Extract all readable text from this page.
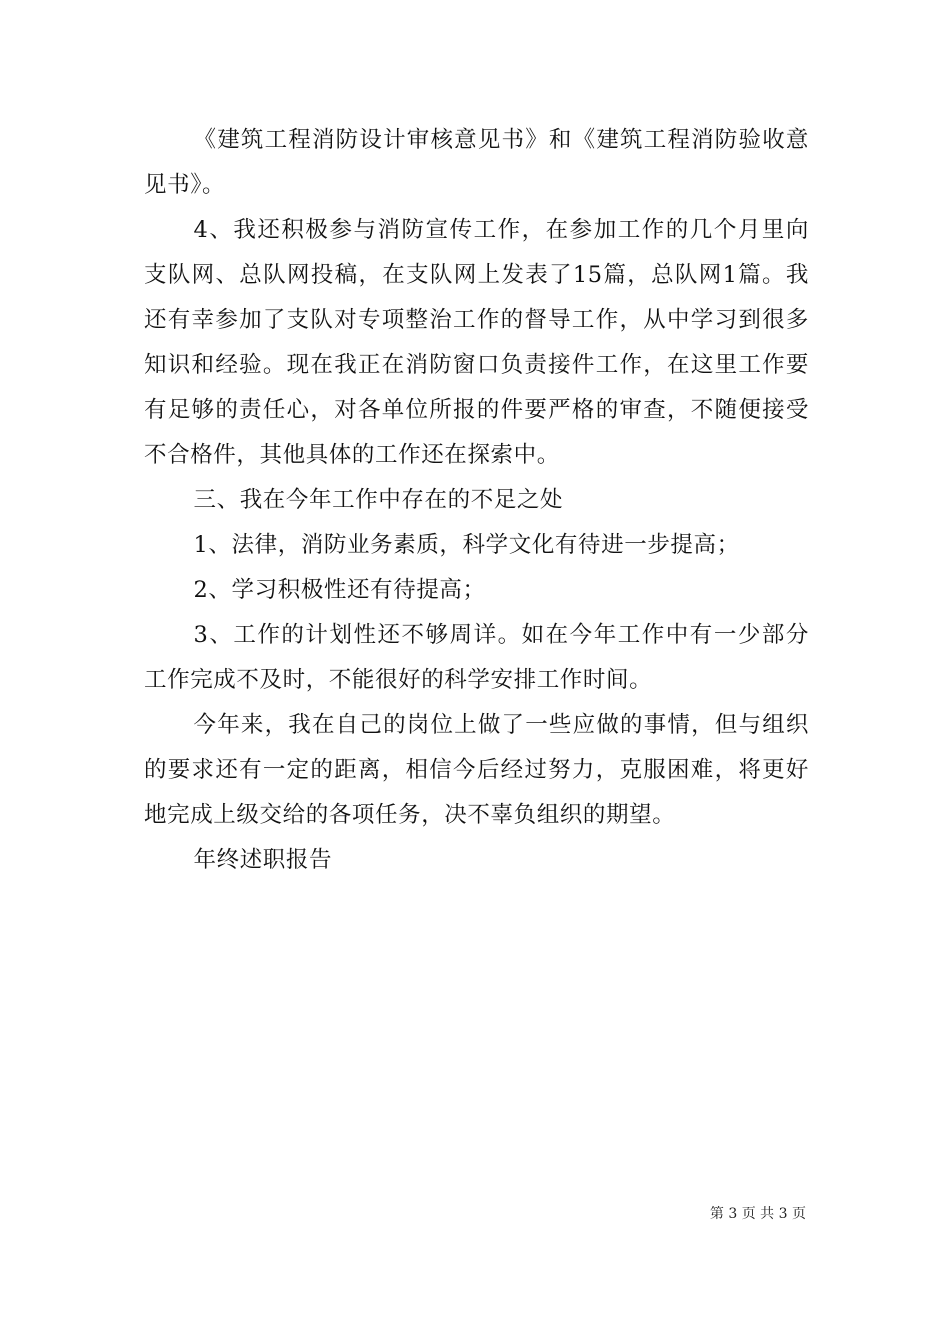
《建筑工程消防设计审核意见书》和《建筑工程消防验收意见书》。

4、我还积极参与消防宣传工作，在参加工作的几个月里向支队网、总队网投稿，在支队网上发表了15篇，总队网1篇。我还有幸参加了支队对专项整治工作的督导工作，从中学习到很多知识和经验。现在我正在消防窗口负责接件工作，在这里工作要有足够的责任心，对各单位所报的件要严格的审查，不随便接受不合格件，其他具体的工作还在探索中。

三、我在今年工作中存在的不足之处

1、法律，消防业务素质，科学文化有待进一步提高；

2、学习积极性还有待提高；

3、工作的计划性还不够周详。如在今年工作中有一少部分工作完成不及时，不能很好的科学安排工作时间。

今年来，我在自己的岗位上做了一些应做的事情，但与组织的要求还有一定的距离，相信今后经过努力，克服困难，将更好地完成上级交给的各项任务，决不辜负组织的期望。

年终述职报告

第 3 页 共 3 页
